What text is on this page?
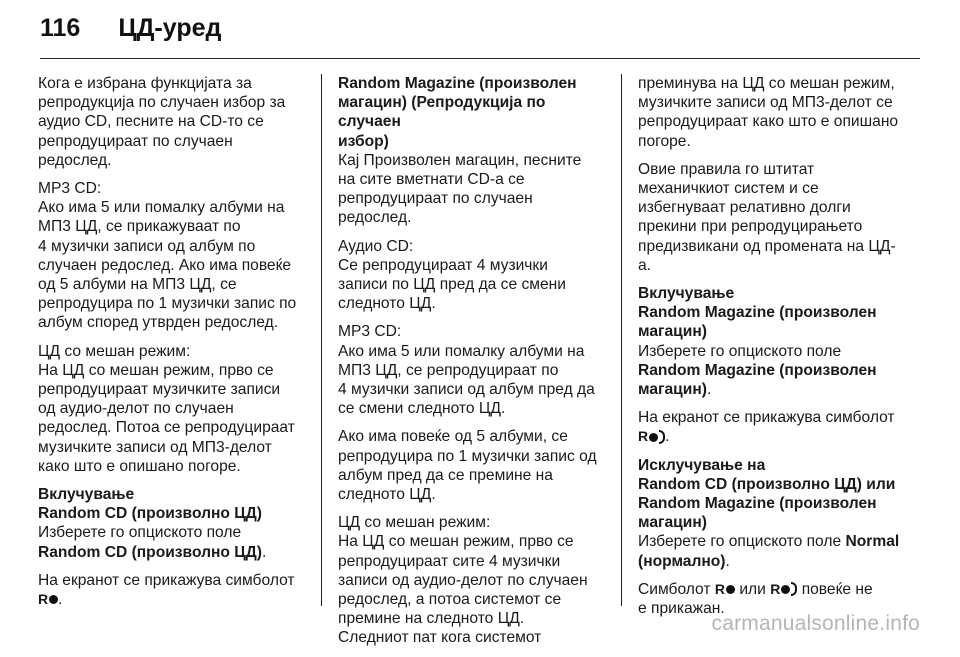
116 ЦД-уред

Кога е избрана функцијата за
репродукција по случаен избор за
аудио CD, песните на CD-то се
репродуцираат по случаен
редослед.

MP3 CD:

Ако има 5 или помалку албуми на
МП3 ЦД, се прикажуваат по
4 музички записи од албум по
случаен редослед. Ако има повеќе
од 5 албуми на МП3 ЦД, се
репродуцира по 1 музички запис по
албум според утврден редослед.

ЦД со мешан режим:

На ЦД со мешан режим, прво се
репродуцираат музичките записи
од аудио-делот по случаен
редослед. Потоа се репродуцираат
музичките записи од МП3-делот
како што е опишано погоре.

Вклучување

Random CD (произволно ЦД)

Изберете го опциското поле
Random CD (произволно ЦД).

На екранот се прикажува симболот
R .

Random Magazine (произволен
магацин) (Репродукција по случаен
избор)

Кај Произволен магацин, песните
на сите вметнати CD-а се
репродуцираат по случаен
редослед.

Аудио CD:

Се репродуцираат 4 музички
записи по ЦД пред да се смени
следното ЦД.

MP3 CD:

Ако има 5 или помалку албуми на
МП3 ЦД, се репродуцираат по
4 музички записи од албум пред да
се смени следното ЦД.

Ако има повеќе од 5 албуми, се
репродуцира по 1 музички запис од
албум пред да се премине на
следното ЦД.

ЦД со мешан режим:

На ЦД со мешан режим, прво се
репродуцираат сите 4 музички
записи од аудио-делот по случаен
редослед, а потоа системот се
премине на следното ЦД.
Следниот пат кога системот

преминува на ЦД со мешан режим,
музичките записи од МП3-делот се
репродуцираат како што е опишано
погоре.

Овие правила го штитат
механичкиот систем и се
избегнуваат релативно долги
прекини при репродуцирањето
предизвикани од промената на ЦД-
а.

Вклучување

Random Magazine (произволен
магацин)

Изберете го опциското поле

Random Magazine (произволен
магацин).

На екранот се прикажува симболот
R .

Исклучување на
Random CD (произволно ЦД) или
Random Magazine (произволен
магацин)

Изберете го опциското поле Normal
(нормално).

Симболот R или R повеќе не
е прикажан.

carmanualsonline.info
